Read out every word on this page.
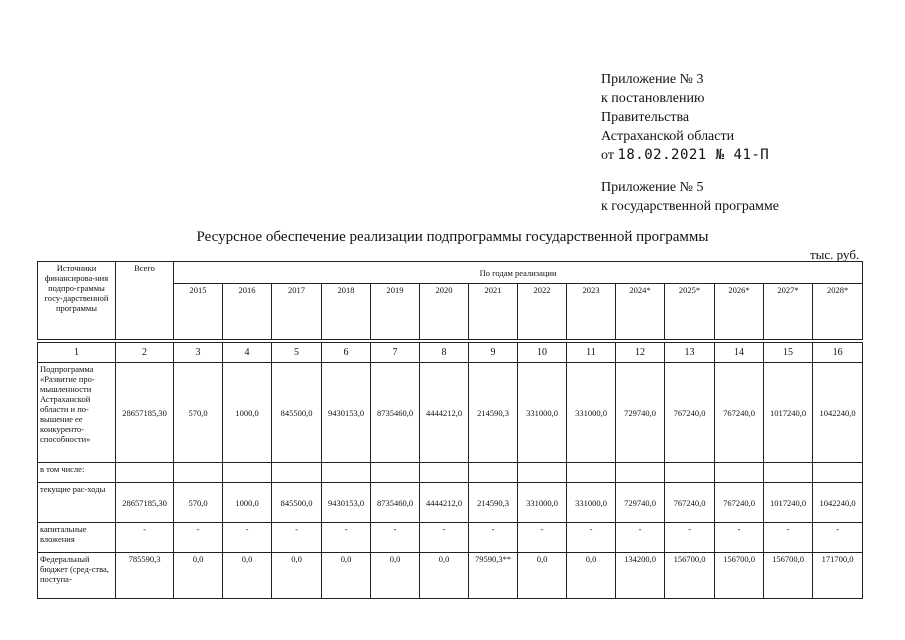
Приложение № 3
к постановлению
Правительства
Астраханской области
от 18.02.2021 № 41-П
Приложение № 5
к государственной программе
Ресурсное обеспечение реализации подпрограммы государственной программы
тыс. руб.
Источники финансирова-ния подпро-граммы госу-дарственной программы	Всего	По годам реализации													
		2015	2016	2017	2018	2019	2020	2021	2022	2023	2024*	2025*	2026*	2027*	2028*

1	2	3	4	5	6	7	8	9	10	11	12	13	14	15	16
Подпрограмма «Развитие про-мышленности Астраханской области и по-вышение ее конкуренто-способности»	28657185,30	570,0	1000,0	845500,0	9430153,0	8735460,0	4444212,0	214590,3	331000,0	331000,0	729740,0	767240,0	767240,0	1017240,0	1042240,0
в том числе:															
текущие рас-ходы	28657185,30	570,0	1000,0	845500,0	9430153,0	8735460,0	4444212,0	214590,3	331000,0	331000,0	729740,0	767240,0	767240,0	1017240,0	1042240,0
капитальные вложения	-	-	-	-	-	-	-	-	-	-	-	-	-	-	-
Федеральный бюджет (сред-ства, поступа-	785590,3	0,0	0,0	0,0	0,0	0,0	0,0	79590,3**	0,0	0,0	134200,0	156700,0	156700,0	156700,0	171700,0
